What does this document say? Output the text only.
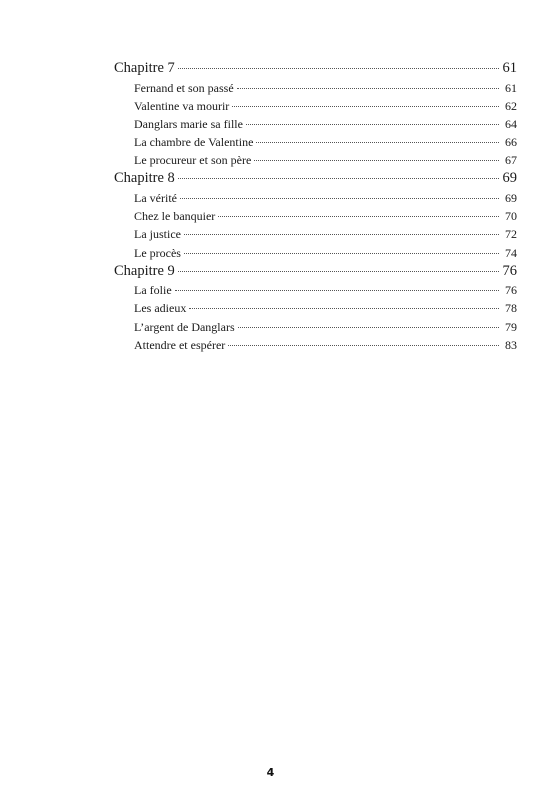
Chapitre 7	61
Fernand et son passé	61
Valentine va mourir	62
Danglars marie sa fille	64
La chambre de Valentine	66
Le procureur et son père	67
Chapitre 8	69
La vérité	69
Chez le banquier	70
La justice	72
Le procès	74
Chapitre 9	76
La folie	76
Les adieux	78
L’argent de Danglars	79
Attendre et espérer	83
4
